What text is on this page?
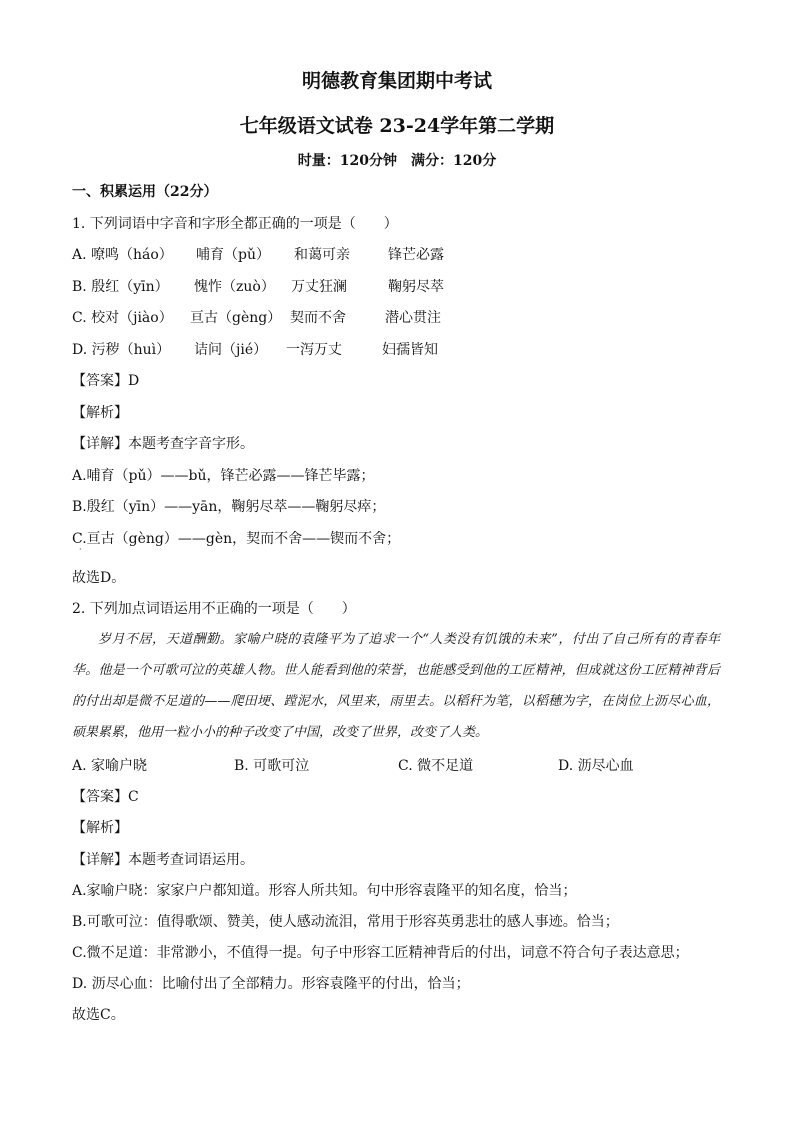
明德教育集团期中考试
七年级语文试卷 23-24学年第二学期
时量：120分钟　满分：120分
一、积累运用（22分）
1. 下列词语中字音和字形全都正确的一项是（　　）
A. 嘹鸣（háo） 哺育（pǔ） 和蔼可亲	锋芒必露
B. 殷红（yīn） 愧怍（zuò） 万丈狂澜	鞠躬尽萃
C. 校对（jiào） 亘古（gèng） 契而不舍	潜心贯注
D. 污秽（huì） 诘问（jié） 一泻万丈	妇孺皆知
【答案】D
【解析】
【详解】本题考查字音字形。
A.哺育（pǔ）——bǔ，锋芒必露——锋芒毕露；
B.殷红（yīn）——yān，鞠躬尽萃——鞠躬尽瘁；
C.亘古（gèng）——gèn，契而不舍——锲而不舍；
·
故选D。
2. 下列加点词语运用不正确的一项是（　　）
岁月不居，天道酬勤。家喻户晓的袁隆平为了追求一个“人类没有饥饿的未来”，付出了自己所有的青春年华。他是一个可歌可泣的英雄人物。世人能看到他的荣誉，也能感受到他的工匠精神，但成就这份工匠精神背后的付出却是微不足道的——爬田埂、蹚泥水，风里来，雨里去。以稻秆为笔，以稻穗为字，在岗位上沥尽心血，硕果累累，他用一粒小小的种子改变了中国，改变了世界，改变了人类。
A. 家喻户晓	B. 可歌可泣	C. 微不足道	D. 沥尽心血
【答案】C
【解析】
【详解】本题考查词语运用。
A.家喻户晓：家家户户都知道。形容人所共知。句中形容袁隆平的知名度，恰当；
B.可歌可泣：值得歌颂、赞美，使人感动流泪，常用于形容英勇悲壮的感人事迹。恰当；
C.微不足道：非常渺小，不值得一提。句子中形容工匠精神背后的付出，词意不符合句子表达意思；
D. 沥尽心血：比喻付出了全部精力。形容袁隆平的付出，恰当；
故选C。
